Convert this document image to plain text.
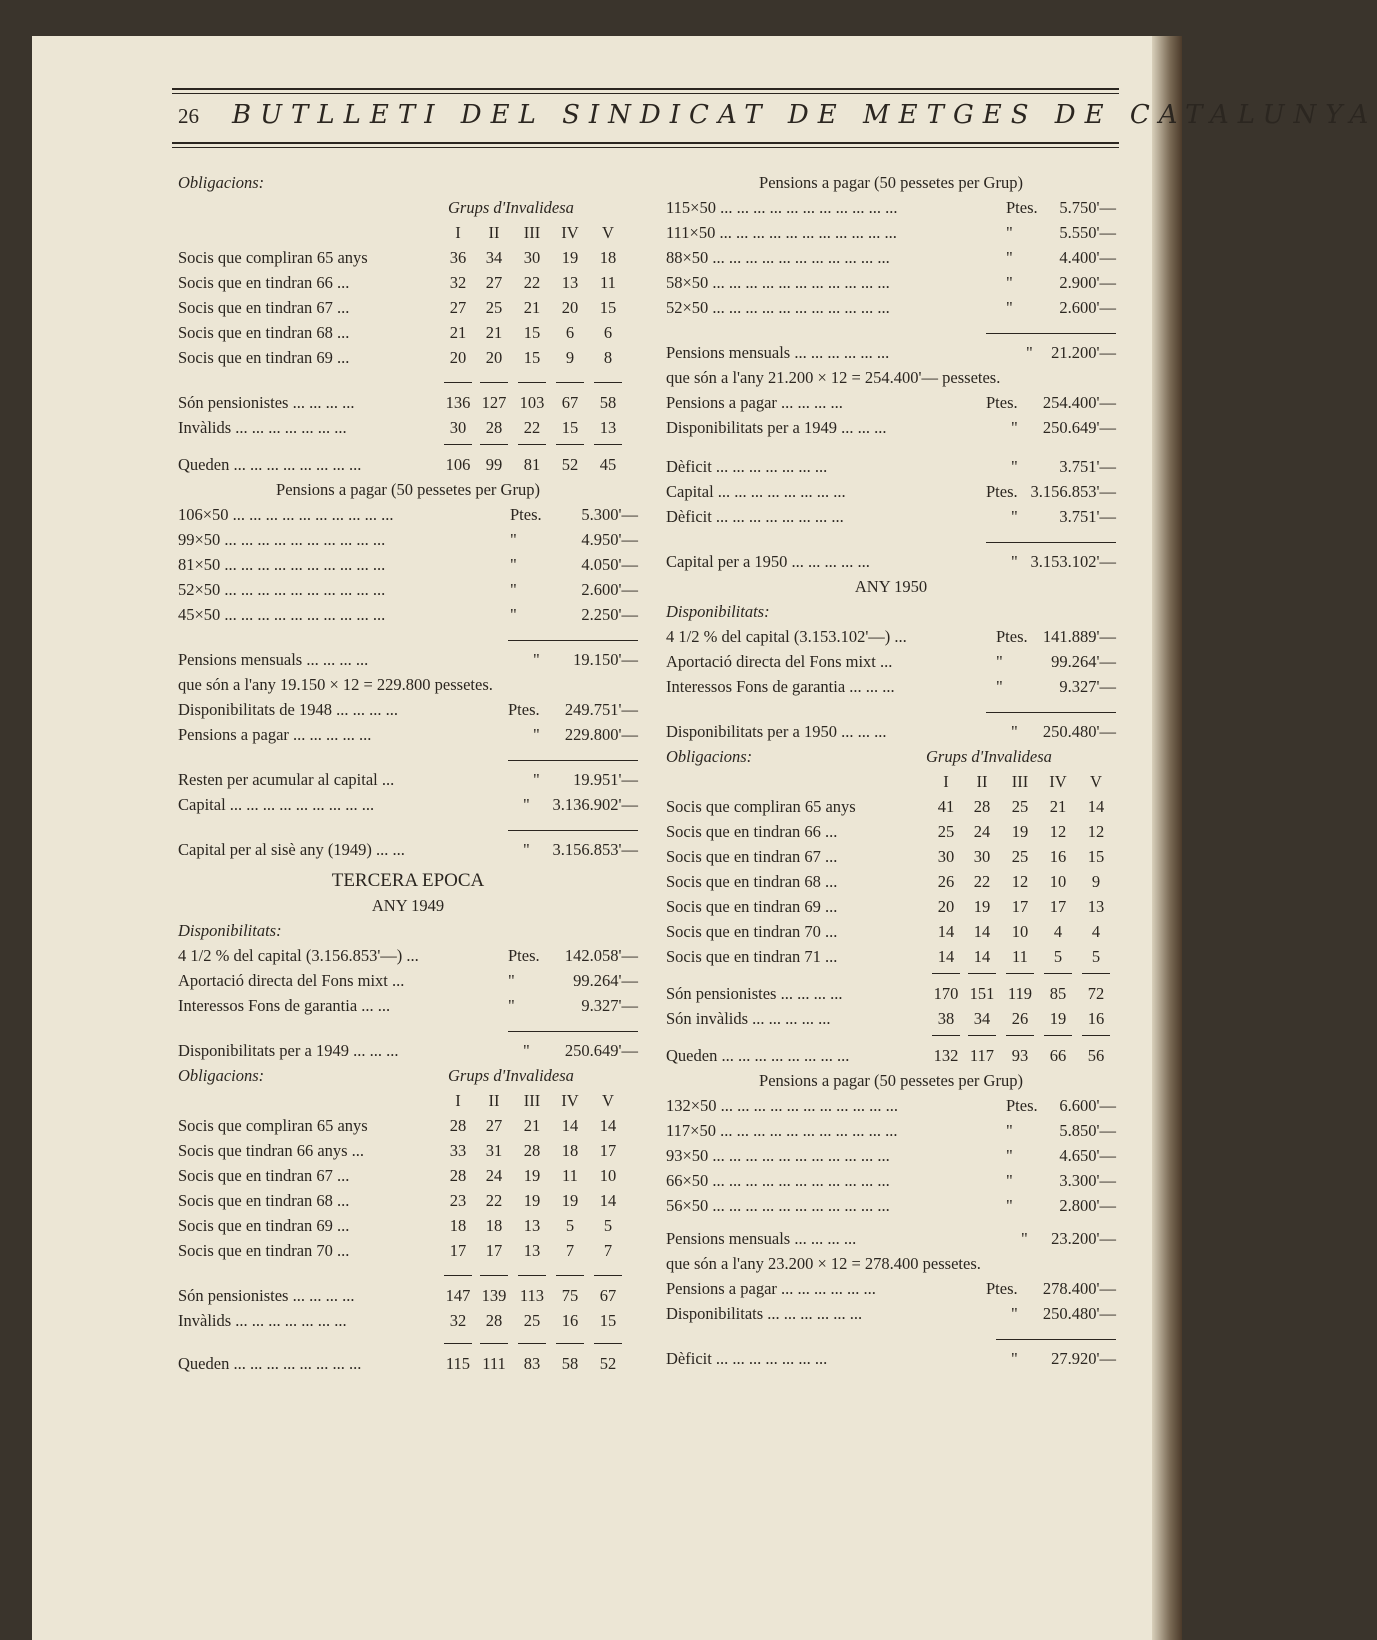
26 BUTLLETI DEL SINDICAT DE METGES DE CATALUNYA
Obligacions:
Grups d'Invalidesa
I	II	III	IV	V
Socis que compliran 65 anys	36	34	30	19	18
Socis que en tindran 66 ...	32	27	22	13	11
Socis que en tindran 67 ...	27	25	21	20	15
Socis que en tindran 68 ...	21	21	15	6	6
Socis que en tindran 69 ...	20	20	15	9	8
Són pensionistes ... ... ... ...	136 127 103	67	58
Invàlids ... ... ... ... ... ... ...	30	28	22	15	13
Queden ... ... ... ... ... ... ... ...	106 99	81	52	45
Pensions a pagar (50 pessetes per Grup)
106×50 ... ... ... ... ... ... ... ... ... ...	Ptes. 5.300'—
99×50 ... ... ... ... ... ... ... ... ... ...	"	4.950'—
81×50 ... ... ... ... ... ... ... ... ... ...	"	4.050'—
52×50 ... ... ... ... ... ... ... ... ... ...	"	2.600'—
45×50 ... ... ... ... ... ... ... ... ... ...	"	2.250'—
Pensions mensuals ... ... ... ...	" 19.150'—
que són a l'any 19.150 × 12 = 229.800 pessetes.
Disponibilitats de 1948 ... ... ... ...	Ptes. 249.751'—
Pensions a pagar ... ... ... ... ...	" 229.800'—
Resten per acumular al capital ...	" 19.951'—
Capital ... ... ... ... ... ... ... ... ...	" 3.136.902'—
Capital per al sisè any (1949) ... ...	" 3.156.853'—
TERCERA EPOCA
ANY 1949
Disponibilitats:
4 1/2 % del capital (3.156.853'—) ...	Ptes. 142.058'—
Aportació directa del Fons mixt ...	"	99.264'—
Interessos Fons de garantia ... ...	"	9.327'—
Disponibilitats per a 1949 ... ... ...	" 250.649'—
Obligacions:	Grups d'Invalidesa
I	II	III	IV	V
Socis que compliran 65 anys	28	27	21	14	14
Socis que tindran 66 anys ...	33	31	28	18	17
Socis que en tindran 67 ...	28	24	19	11	10
Socis que en tindran 68 ...	23	22	19	19	14
Socis que en tindran 69 ...	18	18	13	5	5
Socis que en tindran 70 ...	17	17	13	7	7
Són pensionistes ... ... ... ...	147 139 113	75	67
Invàlids ... ... ... ... ... ... ...	32	28	25	16	15
Queden ... ... ... ... ... ... ... ...	115 111	83	58	52
Pensions a pagar (50 pessetes per Grup)
115×50 ... ... ... ... ... ... ... ... ... ... ...	Ptes. 5.750'—
111×50 ... ... ... ... ... ... ... ... ... ... ...	"	5.550'—
88×50 ... ... ... ... ... ... ... ... ... ... ...	"	4.400'—
58×50 ... ... ... ... ... ... ... ... ... ... ...	"	2.900'—
52×50 ... ... ... ... ... ... ... ... ... ... ...	"	2.600'—
Pensions mensuals ... ... ... ... ... ...	" 21.200'—
que són a l'any 21.200 × 12 = 254.400'— pessetes.
Pensions a pagar ... ... ... ...	Ptes. 254.400'—
Disponibilitats per a 1949 ... ... ...	" 250.649'—
Dèficit ... ... ... ... ... ... ...	"	3.751'—
Capital ... ... ... ... ... ... ... ...	Ptes. 3.156.853'—
Dèficit ... ... ... ... ... ... ... ...	"	3.751'—
Capital per a 1950 ... ... ... ... ...	" 3.153.102'—
ANY 1950
Disponibilitats:
4 1/2 % del capital (3.153.102'—) ...	Ptes. 141.889'—
Aportació directa del Fons mixt ...	"	99.264'—
Interessos Fons de garantia ... ... ...	"	9.327'—
Disponibilitats per a 1950 ... ... ...	" 250.480'—
Obligacions:	Grups d'Invalidesa
I	II	III	IV	V
Socis que compliran 65 anys	41	28	25	21	14
Socis que en tindran 66 ...	25	24	19	12	12
Socis que en tindran 67 ...	30	30	25	16	15
Socis que en tindran 68 ...	26	22	12	10	9
Socis que en tindran 69 ...	20	19	17	17	13
Socis que en tindran 70 ...	14	14	10	4	4
Socis que en tindran 71 ...	14	14	11	5	5
Són pensionistes ... ... ... ...	170 151 119	85	72
Són invàlids ... ... ... ... ...	38	34	26	19	16
Queden ... ... ... ... ... ... ... ...	132 117	93	66	56
Pensions a pagar (50 pessetes per Grup)
132×50 ... ... ... ... ... ... ... ... ... ... ...	Ptes. 6.600'—
117×50 ... ... ... ... ... ... ... ... ... ... ...	"	5.850'—
93×50 ... ... ... ... ... ... ... ... ... ... ...	"	4.650'—
66×50 ... ... ... ... ... ... ... ... ... ... ...	"	3.300'—
56×50 ... ... ... ... ... ... ... ... ... ... ...	"	2.800'—
Pensions mensuals ... ... ... ...	" 23.200'—
que són a l'any 23.200 × 12 = 278.400 pessetes.
Pensions a pagar ... ... ... ... ... ...	Ptes. 278.400'—
Disponibilitats ... ... ... ... ... ...	" 250.480'—
Dèficit ... ... ... ... ... ... ...	" 27.920'—
